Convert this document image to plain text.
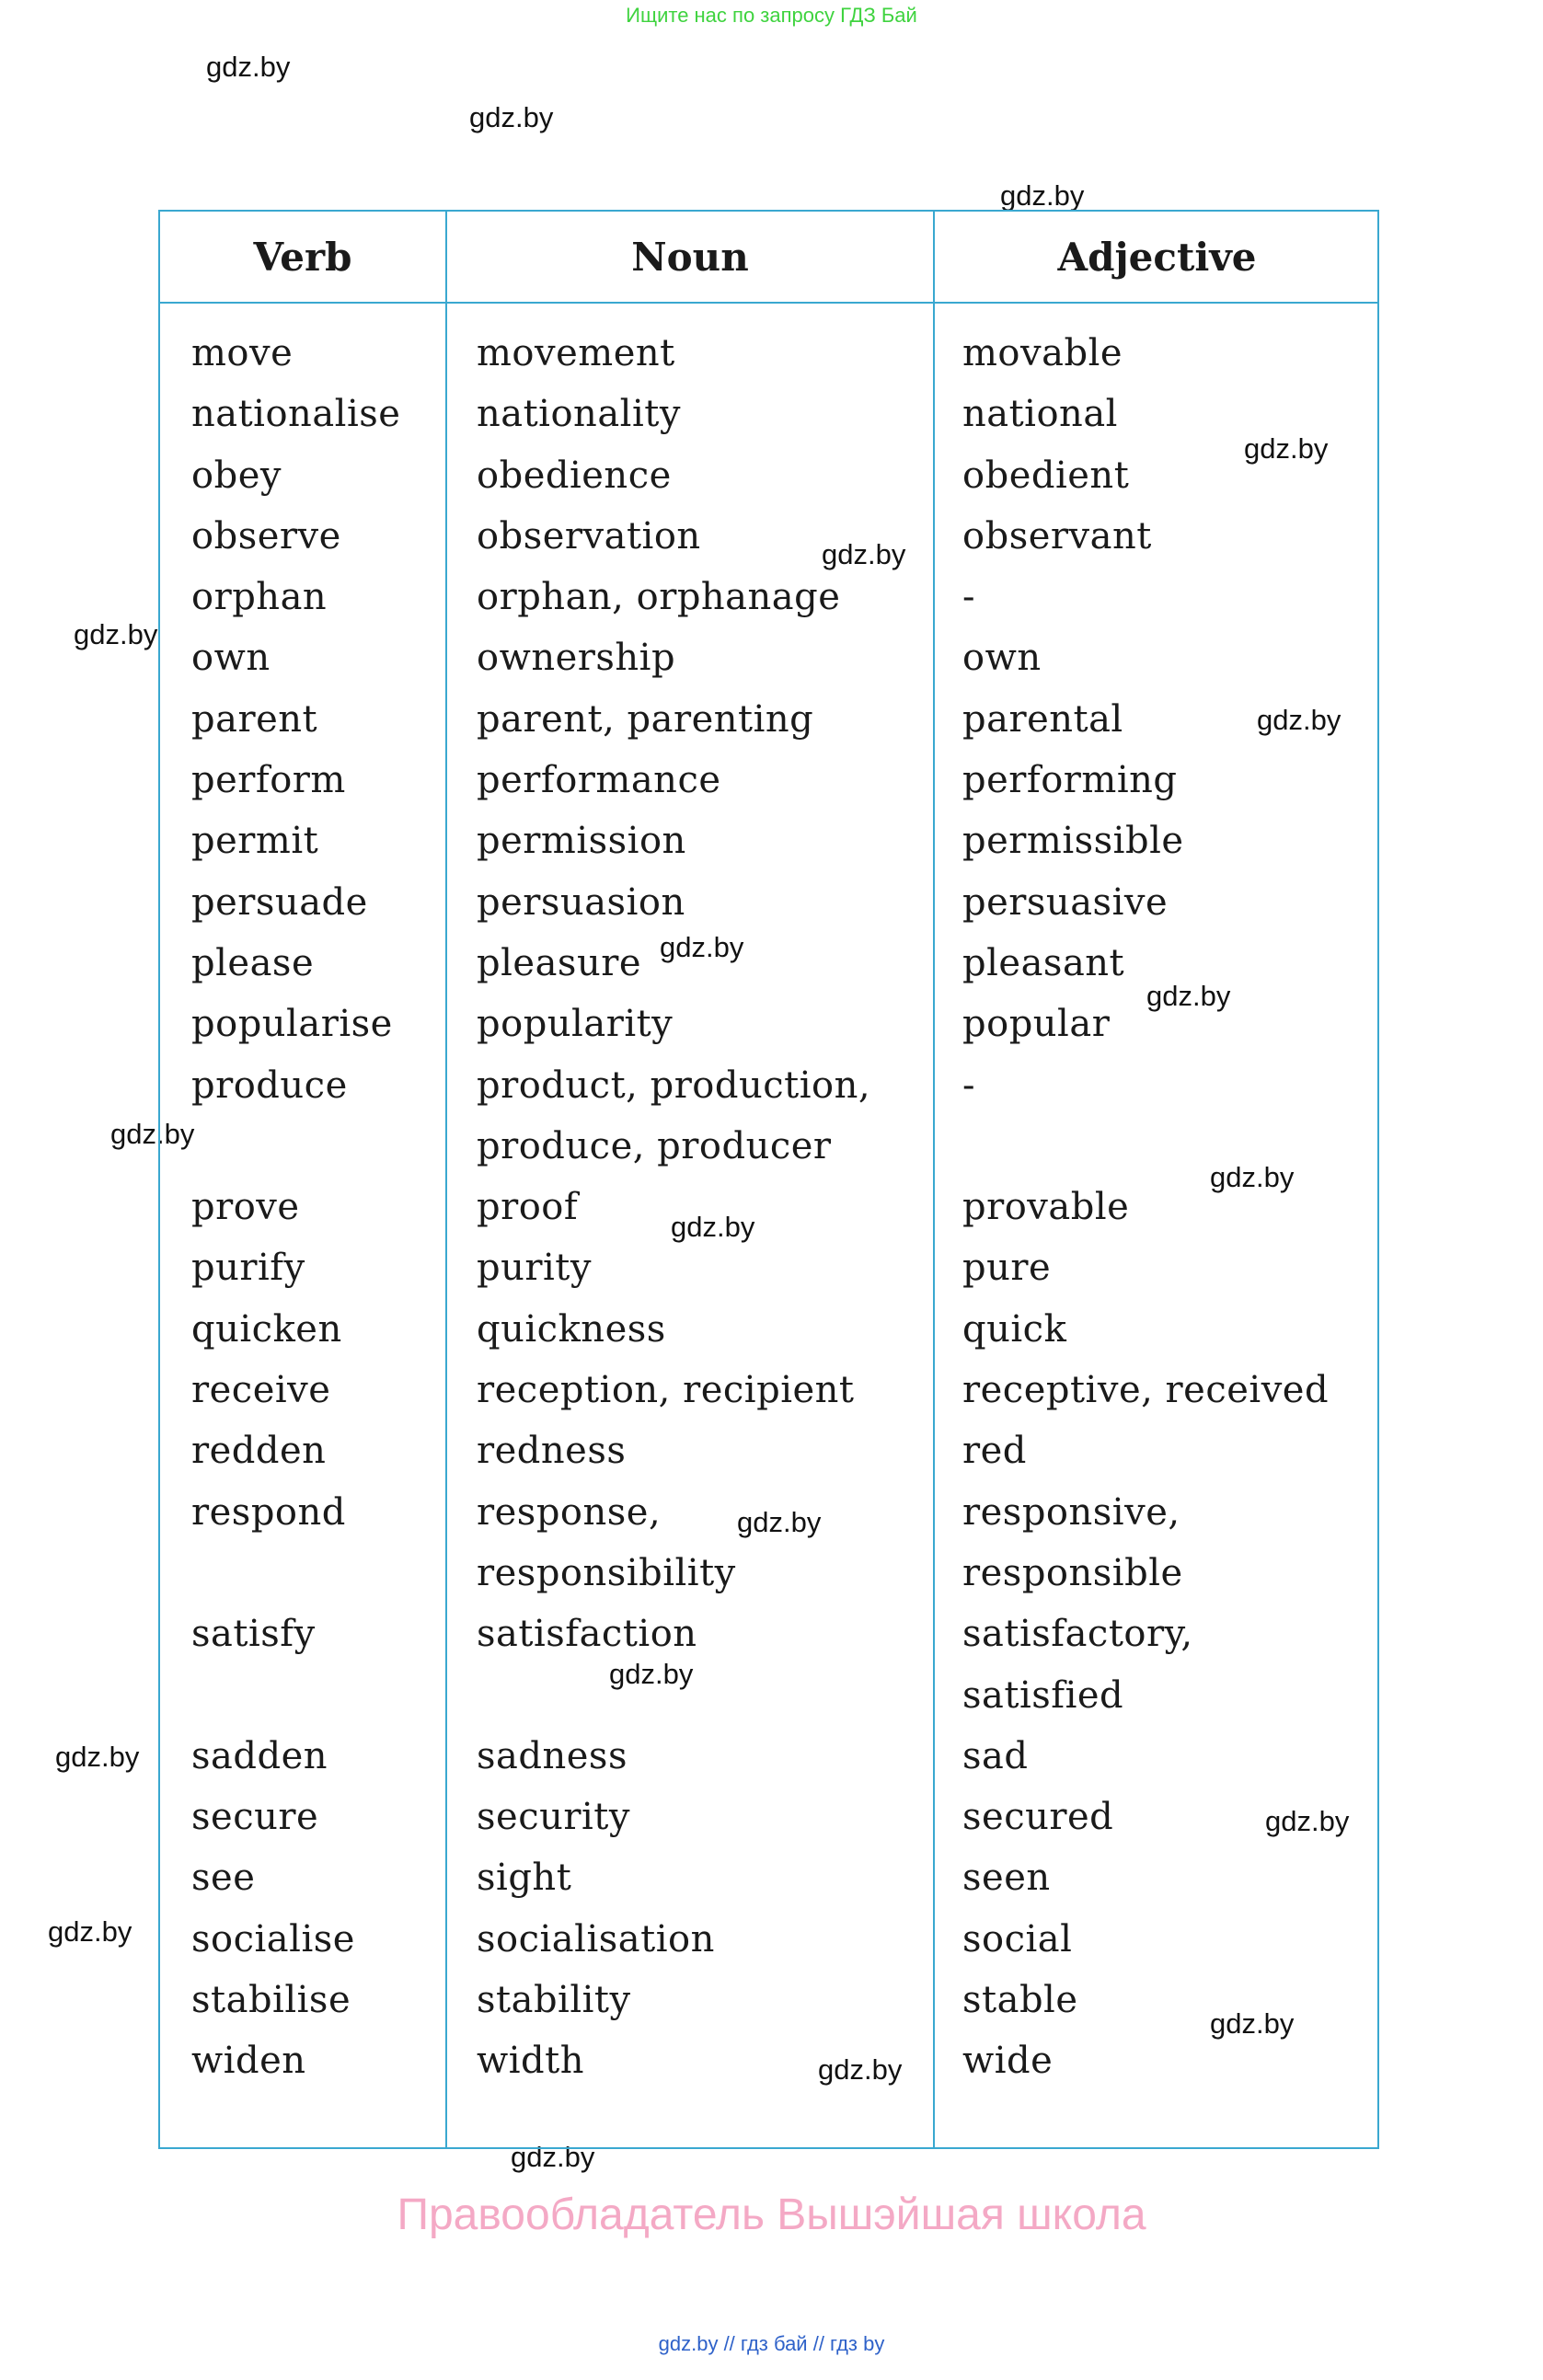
Ищите нас по запросу ГДЗ Бай
gdz.by
gdz.by
gdz.by
gdz.by
gdz.by
gdz.by
gdz.by
gdz.by
gdz.by
gdz.by
gdz.by
gdz.by
gdz.by
gdz.by
gdz.by
gdz.by
gdz.by
gdz.by
gdz.by
gdz.by
Verb	Noun	Adjective
move
nationalise
obey
observe
orphan
own
parent
perform
permit
persuade
please
popularise
produce
prove
purify
quicken
receive
redden
respond
satisfy
sadden
secure
see
socialise
stabilise
widen
movement
nationality
obedience
observation
orphan, orphanage
ownership
parent, parenting
performance
permission
persuasion
pleasure
popularity
product, production,
produce, producer
proof
purity
quickness
reception, recipient
redness
response,
responsibility
satisfaction
sadness
security
sight
socialisation
stability
width
movable
national
obedient
observant
-
own
parental
performing
permissible
persuasive
pleasant
popular
-
provable
pure
quick
receptive, received
red
responsive,
responsible
satisfactory,
satisfied
sad
secured
seen
social
stable
wide
Правообладатель Вышэйшая школа
gdz.by // гдз бай // гдз by
